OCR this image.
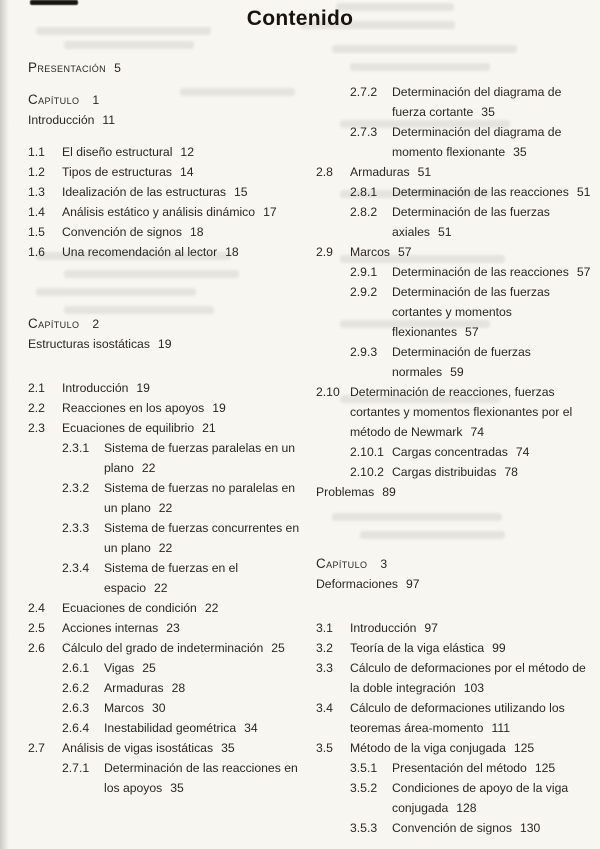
Contenido
Presentación 5
Capítulo 1
Introducción 11
1.1	El diseño estructural 12
1.2	Tipos de estructuras 14
1.3	Idealización de las estructuras 15
1.4	Análisis estático y análisis dinámico 17
1.5	Convención de signos 18
1.6	Una recomendación al lector 18
Capítulo 2
Estructuras isostáticas 19
2.1	Introducción 19
2.2	Reacciones en los apoyos 19
2.3	Ecuaciones de equilibrio 21
2.3.1	Sistema de fuerzas paralelas en un plano 22
2.3.2	Sistema de fuerzas no paralelas en un plano 22
2.3.3	Sistema de fuerzas concurrentes en un plano 22
2.3.4	Sistema de fuerzas en el espacio 22
2.4	Ecuaciones de condición 22
2.5	Acciones internas 23
2.6	Cálculo del grado de indeterminación 25
2.6.1	Vigas 25
2.6.2	Armaduras 28
2.6.3	Marcos 30
2.6.4	Inestabilidad geométrica 34
2.7	Análisis de vigas isostáticas 35
2.7.1	Determinación de las reacciones en los apoyos 35
2.7.2	Determinación del diagrama de fuerza cortante 35
2.7.3	Determinación del diagrama de momento flexionante 35
2.8	Armaduras 51
2.8.1	Determinación de las reacciones 51
2.8.2	Determinación de las fuerzas axiales 51
2.9	Marcos 57
2.9.1	Determinación de las reacciones 57
2.9.2	Determinación de las fuerzas cortantes y momentos flexionantes 57
2.9.3	Determinación de fuerzas normales 59
2.10 Determinación de reacciones, fuerzas cortantes y momentos flexionantes por el método de Newmark 74
2.10.1 Cargas concentradas 74
2.10.2 Cargas distribuidas 78
Problemas 89
Capítulo 3
Deformaciones 97
3.1	Introducción 97
3.2	Teoría de la viga elástica 99
3.3	Cálculo de deformaciones por el método de la doble integración 103
3.4	Cálculo de deformaciones utilizando los teoremas área-momento 111
3.5	Método de la viga conjugada 125
3.5.1	Presentación del método 125
3.5.2	Condiciones de apoyo de la viga conjugada 128
3.5.3	Convención de signos 130
